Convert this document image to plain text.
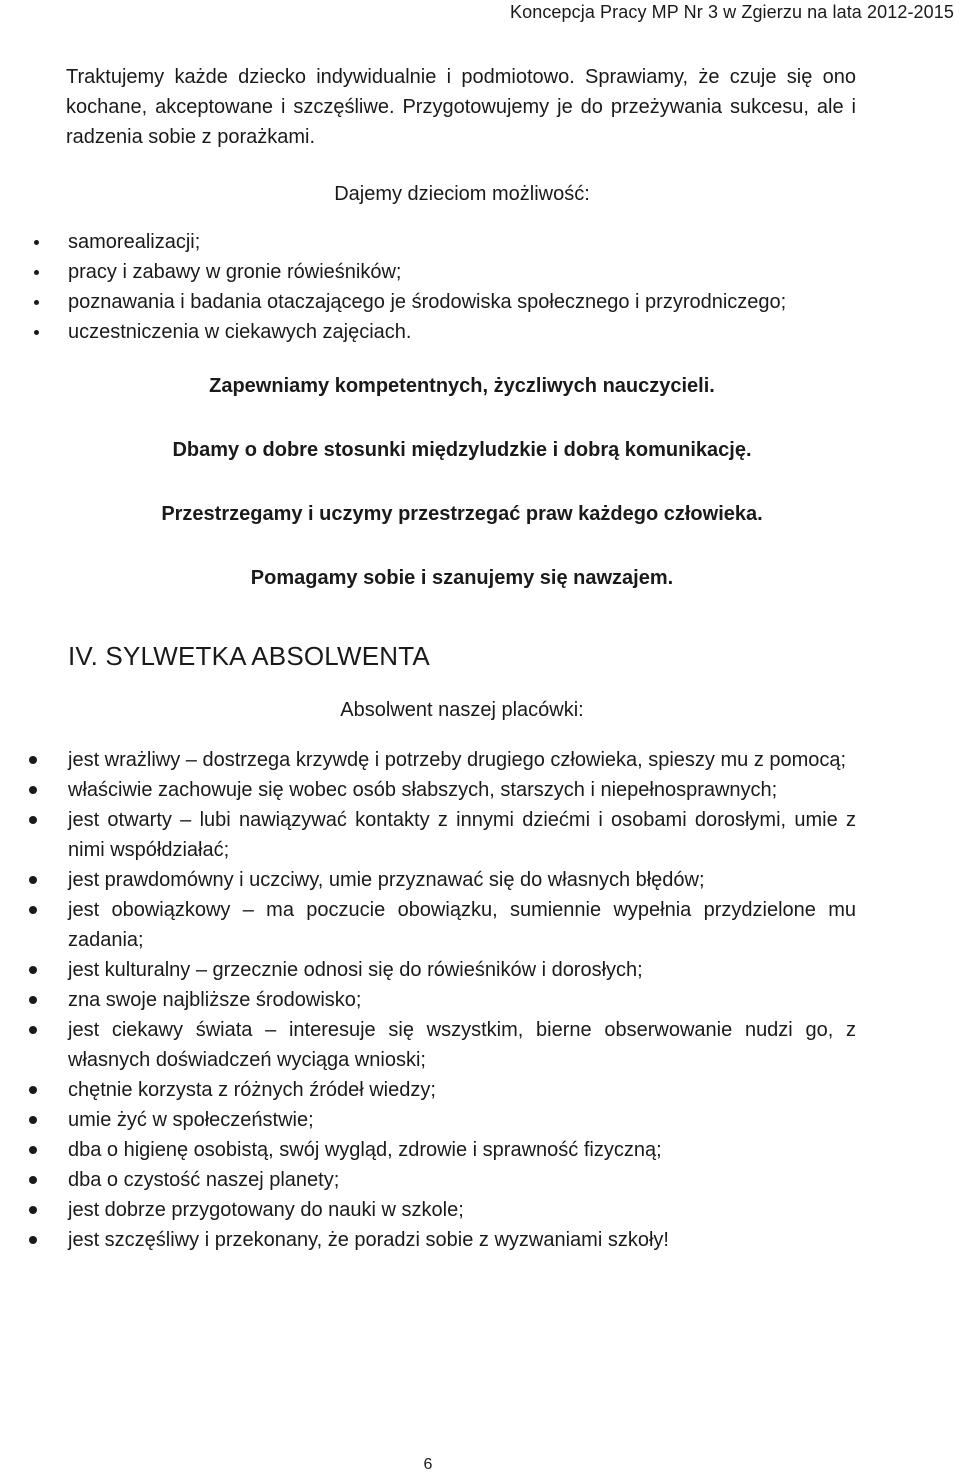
Koncepcja Pracy MP Nr 3 w Zgierzu na lata 2012-2015

Traktujemy każde dziecko indywidualnie i podmiotowo. Sprawiamy, że czuje się ono kochane, akceptowane i szczęśliwe. Przygotowujemy je do przeżywania sukcesu, ale i radzenia sobie z porażkami.

Dajemy dzieciom możliwość:

samorealizacji;
pracy i zabawy w gronie rówieśników;
poznawania i badania otaczającego je środowiska społecznego i przyrodniczego;
uczestniczenia w ciekawych zajęciach.

Zapewniamy kompetentnych, życzliwych nauczycieli.

Dbamy o dobre stosunki międzyludzkie i dobrą komunikację.

Przestrzegamy i uczymy przestrzegać praw każdego człowieka.

Pomagamy sobie i szanujemy się nawzajem.

IV. SYLWETKA ABSOLWENTA

Absolwent naszej placówki:

jest wrażliwy – dostrzega krzywdę i potrzeby drugiego człowieka, spieszy mu z pomocą;
właściwie zachowuje się wobec osób słabszych, starszych i niepełnosprawnych;
jest otwarty – lubi nawiązywać kontakty z innymi dziećmi i osobami dorosłymi, umie z nimi współdziałać;
jest prawdomówny i uczciwy, umie przyznawać się do własnych błędów;
jest obowiązkowy – ma poczucie obowiązku, sumiennie wypełnia przydzielone mu zadania;
jest kulturalny – grzecznie odnosi się do rówieśników i dorosłych;
zna swoje najbliższe środowisko;
jest ciekawy świata – interesuje się wszystkim, bierne obserwowanie nudzi go, z własnych doświadczeń wyciąga wnioski;
chętnie korzysta z różnych źródeł wiedzy;
umie żyć w społeczeństwie;
dba o higienę osobistą, swój wygląd, zdrowie i sprawność fizyczną;
dba o czystość naszej planety;
jest dobrze przygotowany do nauki w szkole;
jest szczęśliwy i przekonany, że poradzi sobie z wyzwaniami szkoły!
6
